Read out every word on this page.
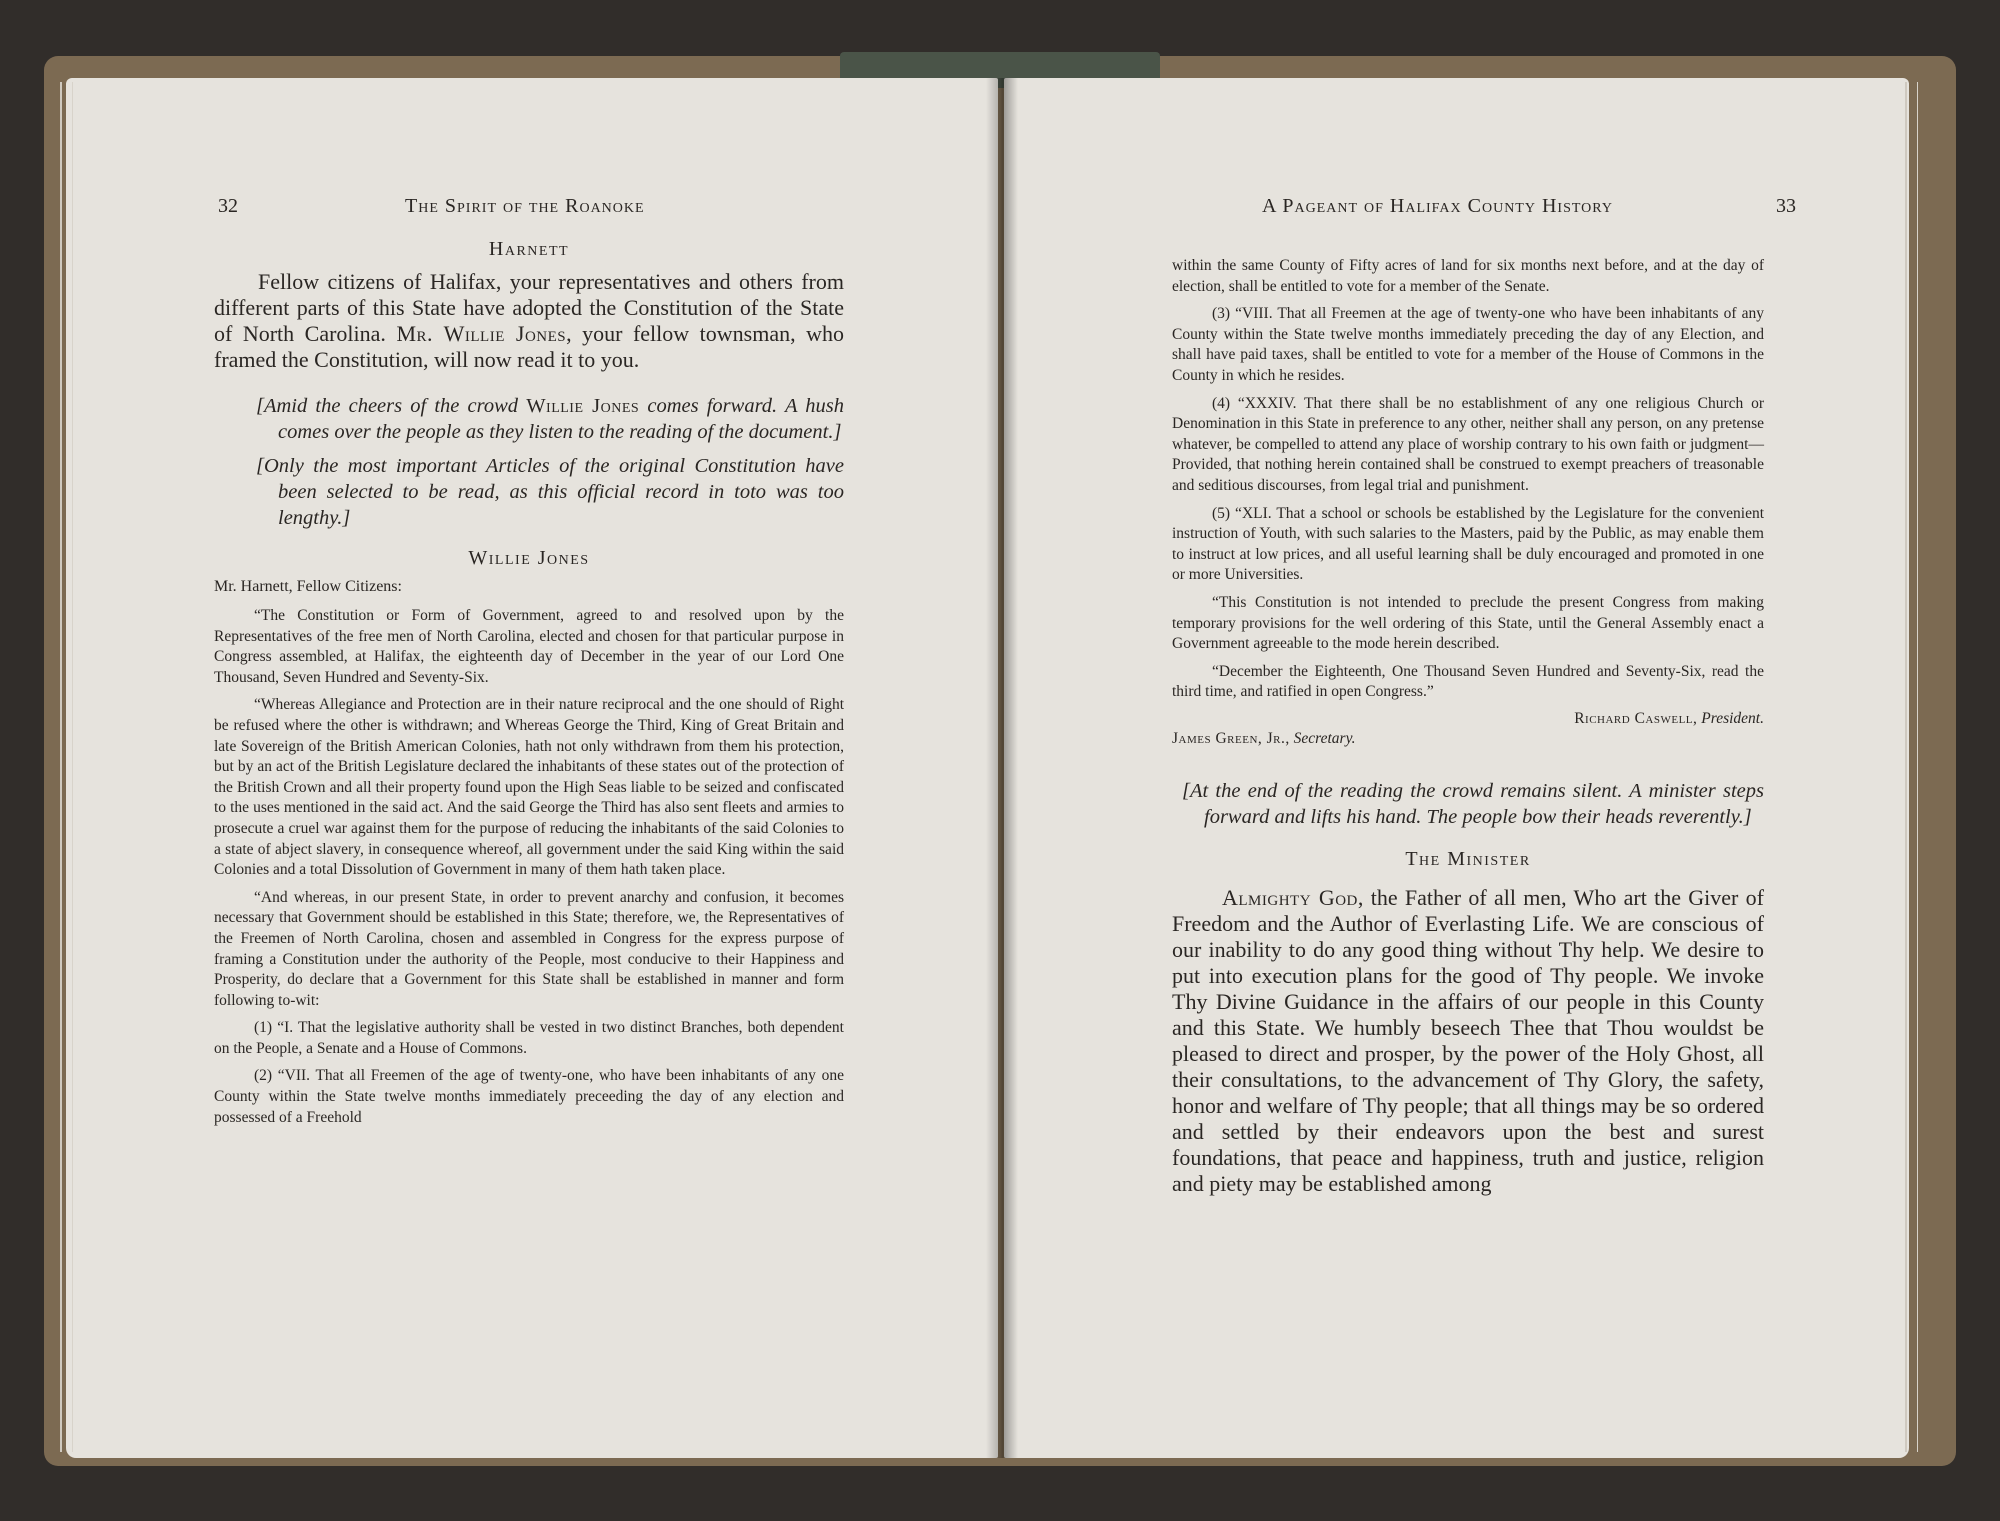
32	The Spirit of the Roanoke	A Pageant of Halifax County History	33
Harnett

Fellow citizens of Halifax, your representatives and others from different parts of this State have adopted the Constitution of the State of North Carolina. Mr. Willie Jones, your fellow townsman, who framed the Constitution, will now read it to you.

[Amid the cheers of the crowd Willie Jones comes forward. A hush comes over the people as they listen to the reading of the document.]

[Only the most important Articles of the original Constitution have been selected to be read, as this official record in toto was too lengthy.]

Willie Jones
Mr. Harnett, Fellow Citizens:

“The Constitution or Form of Government, agreed to and resolved upon by the Representatives of the free men of North Carolina, elected and chosen for that particular purpose in Congress assembled, at Halifax, the eighteenth day of December in the year of our Lord One Thousand, Seven Hundred and Seventy-Six.

“Whereas Allegiance and Protection are in their nature reciprocal and the one should of Right be refused where the other is withdrawn; and Whereas George the Third, King of Great Britain and late Sovereign of the British American Colonies, hath not only withdrawn from them his protection, but by an act of the British Legislature declared the inhabitants of these states out of the protection of the British Crown and all their property found upon the High Seas liable to be seized and confiscated to the uses mentioned in the said act. And the said George the Third has also sent fleets and armies to prosecute a cruel war against them for the purpose of reducing the inhabitants of the said Colonies to a state of abject slavery, in consequence whereof, all government under the said King within the said Colonies and a total Dissolution of Government in many of them hath taken place.

“And whereas, in our present State, in order to prevent anarchy and confusion, it becomes necessary that Government should be established in this State; therefore, we, the Representatives of the Freemen of North Carolina, chosen and assembled in Congress for the express purpose of framing a Constitution under the authority of the People, most conducive to their Happiness and Prosperity, do declare that a Government for this State shall be established in manner and form following to-wit:

(1) “I. That the legislative authority shall be vested in two distinct Branches, both dependent on the People, a Senate and a House of Commons.

(2) “VII. That all Freemen of the age of twenty-one, who have been inhabitants of any one County within the State twelve months immediately preceeding the day of any election and possessed of a Freehold

within the same County of Fifty acres of land for six months next before, and at the day of election, shall be entitled to vote for a member of the Senate.

(3) “VIII. That all Freemen at the age of twenty-one who have been inhabitants of any County within the State twelve months immediately preceding the day of any Election, and shall have paid taxes, shall be entitled to vote for a member of the House of Commons in the County in which he resides.

(4) “XXXIV. That there shall be no establishment of any one religious Church or Denomination in this State in preference to any other, neither shall any person, on any pretense whatever, be compelled to attend any place of worship contrary to his own faith or judgment—Provided, that nothing herein contained shall be construed to exempt preachers of treasonable and seditious discourses, from legal trial and punishment.

(5) “XLI. That a school or schools be established by the Legislature for the convenient instruction of Youth, with such salaries to the Masters, paid by the Public, as may enable them to instruct at low prices, and all useful learning shall be duly encouraged and promoted in one or more Universities.

“This Constitution is not intended to preclude the present Congress from making temporary provisions for the well ordering of this State, until the General Assembly enact a Government agreeable to the mode herein described.

“December the Eighteenth, One Thousand Seven Hundred and Seventy-Six, read the third time, and ratified in open Congress.”

Richard Caswell, President.
James Green, Jr., Secretary.

[At the end of the reading the crowd remains silent. A minister steps forward and lifts his hand. The people bow their heads reverently.]

The Minister

Almighty God, the Father of all men, Who art the Giver of Freedom and the Author of Everlasting Life. We are conscious of our inability to do any good thing without Thy help. We desire to put into execution plans for the good of Thy people. We invoke Thy Divine Guidance in the affairs of our people in this County and this State. We humbly beseech Thee that Thou wouldst be pleased to direct and prosper, by the power of the Holy Ghost, all their consultations, to the advancement of Thy Glory, the safety, honor and welfare of Thy people; that all things may be so ordered and settled by their endeavors upon the best and surest foundations, that peace and happiness, truth and justice, religion and piety may be established among
